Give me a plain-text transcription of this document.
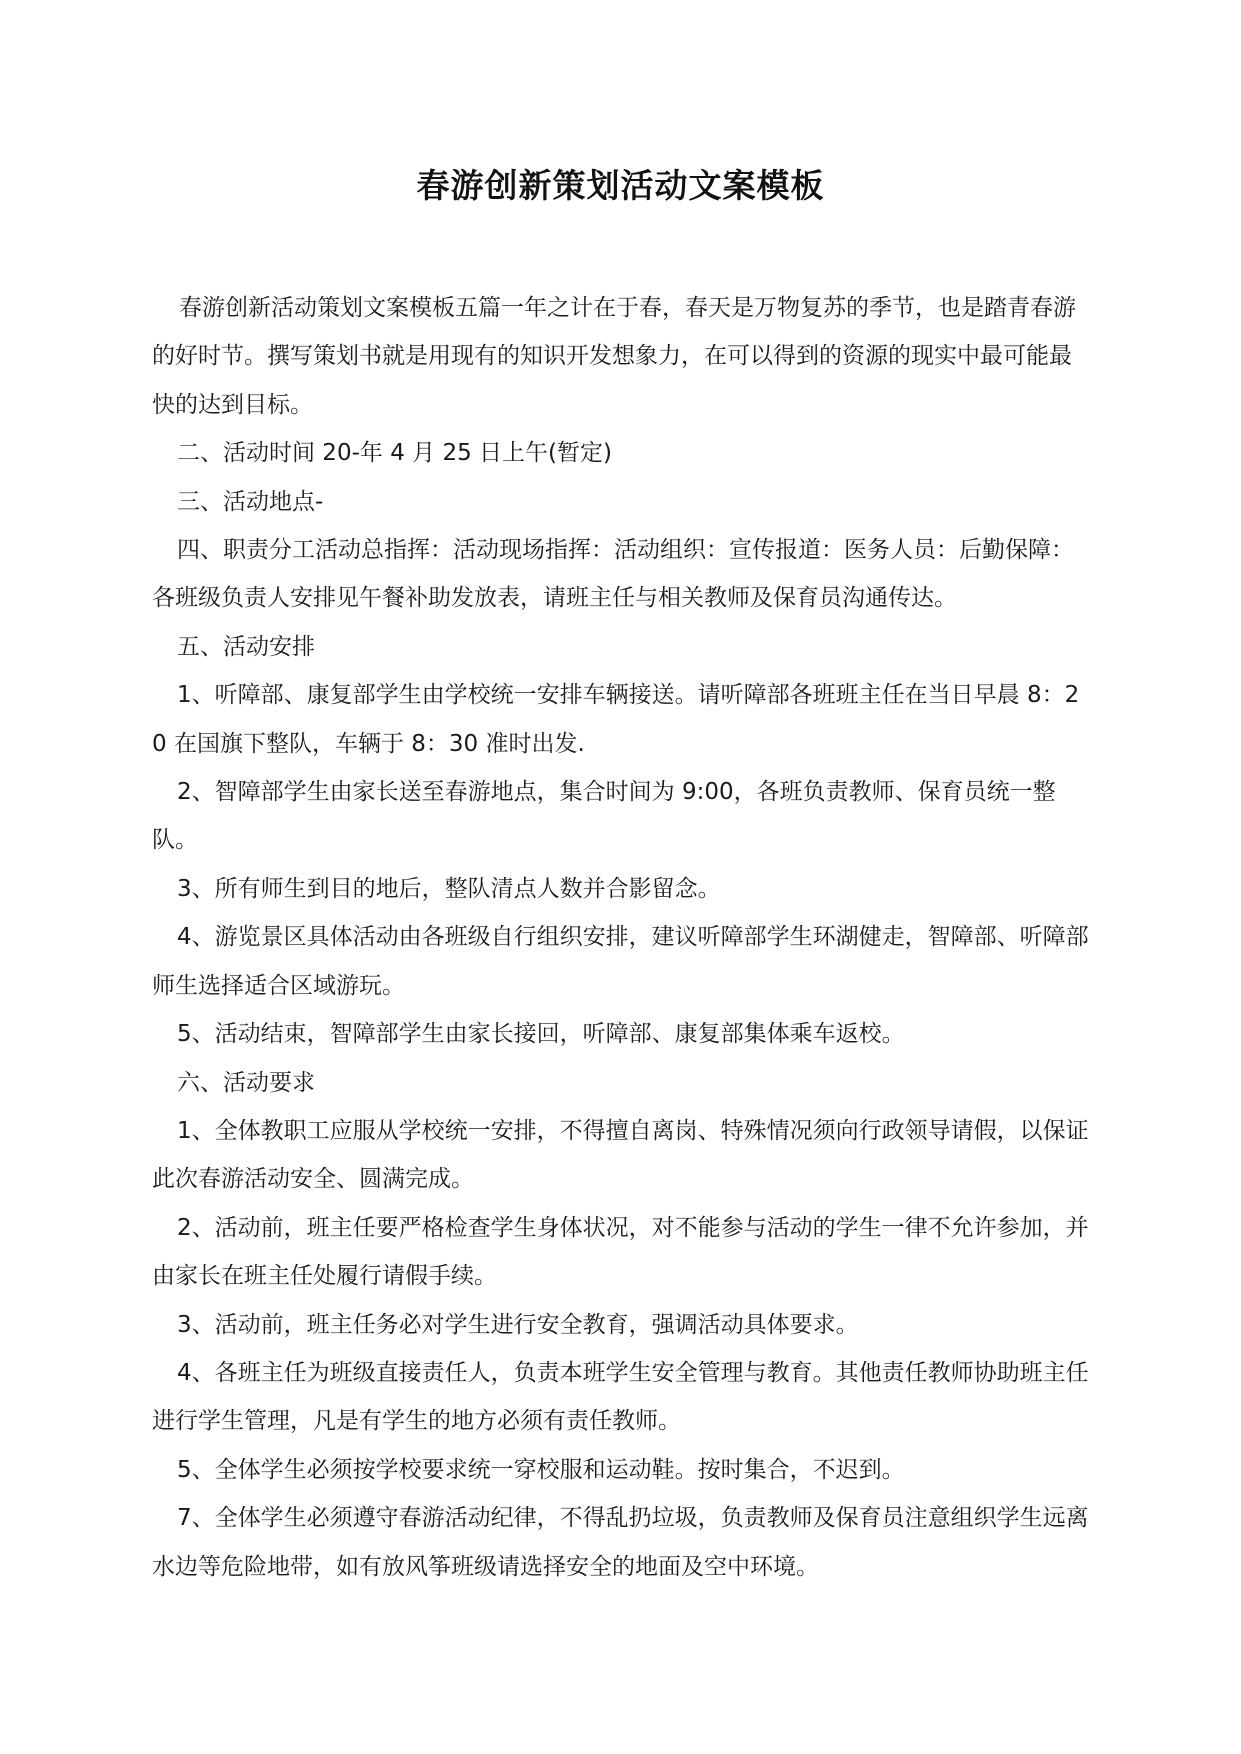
春游创新策划活动文案模板

春游创新活动策划文案模板五篇一年之计在于春，春天是万物复苏的季节，也是踏青春游的好时节。撰写策划书就是用现有的知识开发想象力，在可以得到的资源的现实中最可能最快的达到目标。

二、活动时间 20-年 4 月 25 日上午(暂定)

三、活动地点-

四、职责分工活动总指挥：活动现场指挥：活动组织：宣传报道：医务人员：后勤保障：各班级负责人安排见午餐补助发放表，请班主任与相关教师及保育员沟通传达。

五、活动安排

1、听障部、康复部学生由学校统一安排车辆接送。请听障部各班班主任在当日早晨 8：20 在国旗下整队，车辆于 8：30 准时出发.

2、智障部学生由家长送至春游地点，集合时间为 9:00，各班负责教师、保育员统一整队。

3、所有师生到目的地后，整队清点人数并合影留念。

4、游览景区具体活动由各班级自行组织安排，建议听障部学生环湖健走，智障部、听障部师生选择适合区域游玩。

5、活动结束，智障部学生由家长接回，听障部、康复部集体乘车返校。

六、活动要求

1、全体教职工应服从学校统一安排，不得擅自离岗、特殊情况须向行政领导请假，以保证此次春游活动安全、圆满完成。

2、活动前，班主任要严格检查学生身体状况，对不能参与活动的学生一律不允许参加，并由家长在班主任处履行请假手续。

3、活动前，班主任务必对学生进行安全教育，强调活动具体要求。

4、各班主任为班级直接责任人，负责本班学生安全管理与教育。其他责任教师协助班主任进行学生管理，凡是有学生的地方必须有责任教师。

5、全体学生必须按学校要求统一穿校服和运动鞋。按时集合，不迟到。

7、全体学生必须遵守春游活动纪律，不得乱扔垃圾，负责教师及保育员注意组织学生远离水边等危险地带，如有放风筝班级请选择安全的地面及空中环境。
